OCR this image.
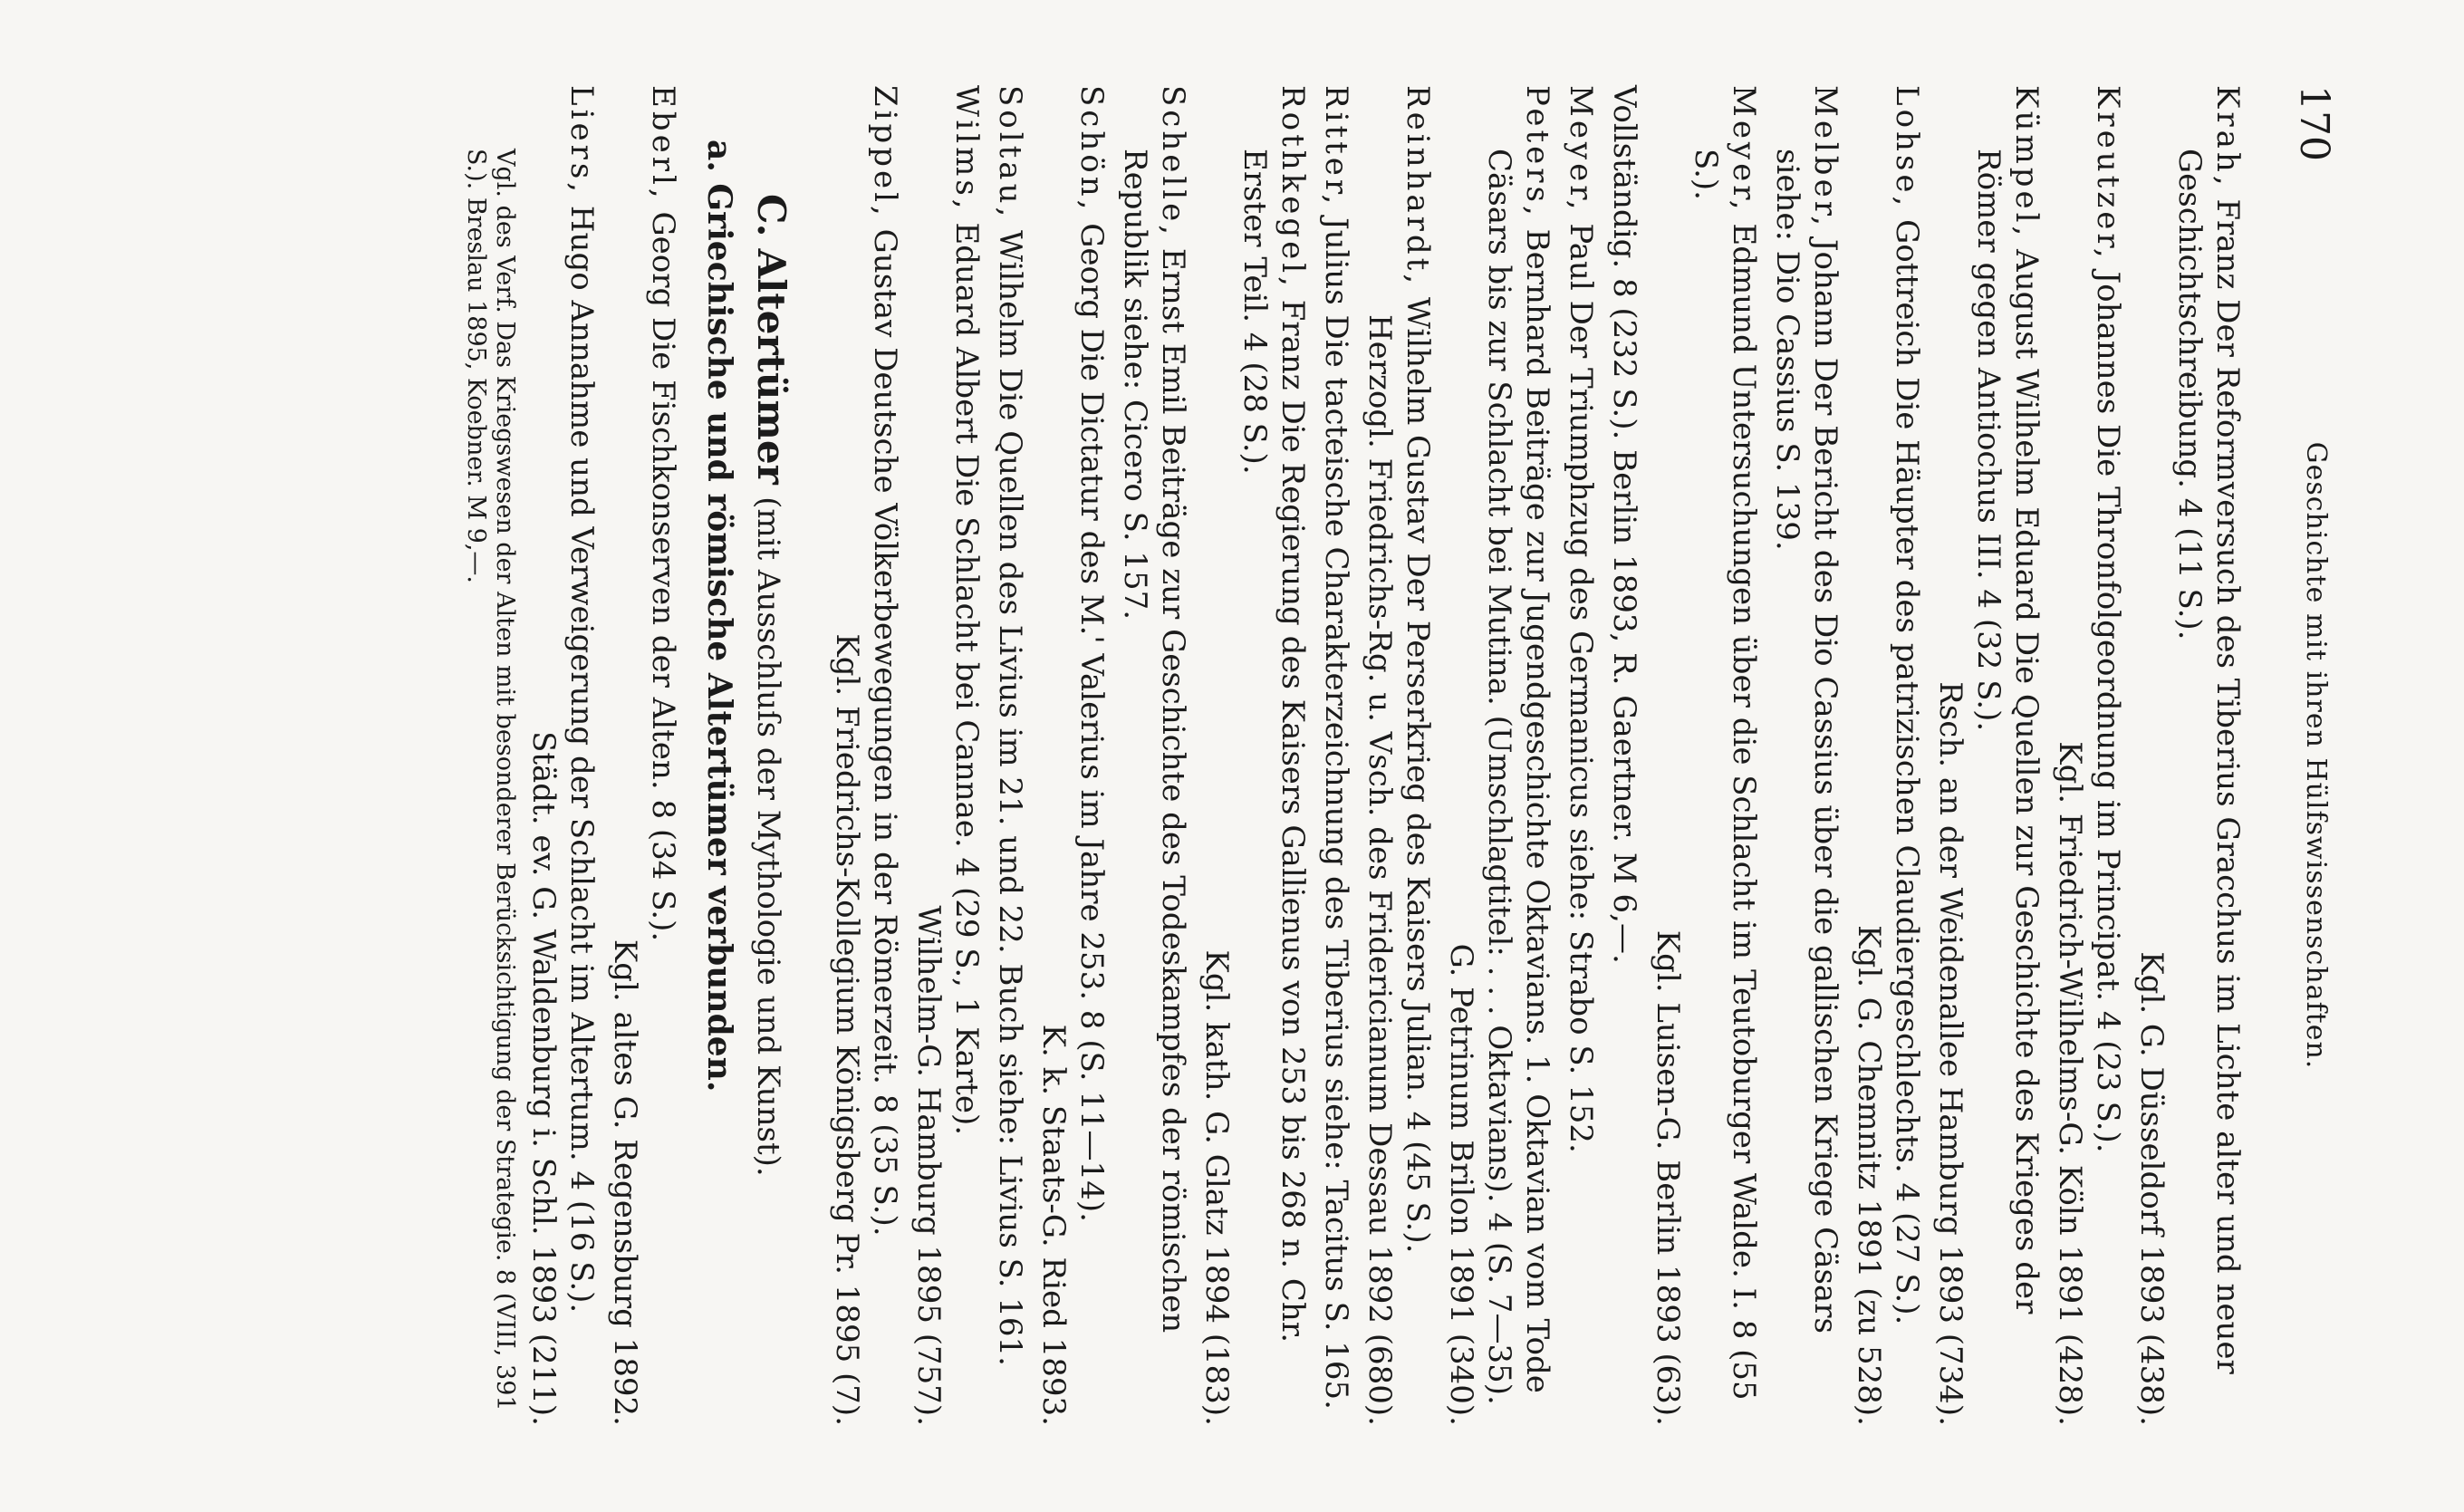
170
Geschichte mit ihren Hülfswissenschaften.
Krah, Franz Der Reformversuch des Tiberius Gracchus im Lichte alter und neuer Geschichtschreibung. 4 (11 S.).
Kgl. G. Düsseldorf 1893 (438).
Kreutzer, Johannes Die Thronfolgeordnung im Principat. 4 (23 S.).
Kgl. Friedrich-Wilhelms-G. Köln 1891 (428).
Kümpel, August Wilhelm Eduard Die Quellen zur Geschichte des Krieges der Römer gegen Antiochus III. 4 (32 S.).
Rsch. an der Weidenallee Hamburg 1893 (734).
Lohse, Gottreich Die Häupter des patrizischen Claudiergeschlechts. 4 (27 S.).
Kgl. G. Chemnitz 1891 (zu 528).
Melber, Johann Der Bericht des Dio Cassius über die gallischen Kriege Cäsars siehe: Dio Cassius S. 139.
Meyer, Edmund Untersuchungen über die Schlacht im Teutoburger Walde. I. 8 (55 S.).
Kgl. Luisen-G. Berlin 1893 (63).
Vollständig. 8 (232 S.). Berlin 1893, R. Gaertner. M 6,—.
Meyer, Paul Der Triumphzug des Germanicus siehe: Strabo S. 152.
Peters, Bernhard Beiträge zur Jugendgeschichte Oktavians. 1. Oktavian vom Tode Cäsars bis zur Schlacht bei Mutina. (Umschlagtitel: . . . Oktavians). 4 (S. 7—35).
G. Petrinum Brilon 1891 (340).
Reinhardt, Wilhelm Gustav Der Perserkrieg des Kaisers Julian. 4 (45 S.).
Herzogl. Friedrichs-Rg. u. Vsch. des Fridericianum Dessau 1892 (680).
Ritter, Julius Die tacteische Charakterzeichnung des Tiberius siehe: Tacitus S. 165.
Rothkegel, Franz Die Regierung des Kaisers Gallienus von 253 bis 268 n. Chr. Erster Teil. 4 (28 S.).
Kgl. kath. G. Glatz 1894 (183).
Schelle, Ernst Emil Beiträge zur Geschichte des Todeskampfes der römischen Republik siehe: Cicero S. 157.
Schön, Georg Die Dictatur des M.' Valerius im Jahre 253. 8 (S. 11—14).
K. k. Staats-G. Ried 1893.
Soltau, Wilhelm Die Quellen des Livius im 21. und 22. Buch siehe: Livius S. 161.
Wilms, Eduard Albert Die Schlacht bei Cannae. 4 (29 S., 1 Karte).
Wilhelm-G. Hamburg 1895 (757).
Zippel, Gustav Deutsche Völkerbewegungen in der Römerzeit. 8 (35 S.).
Kgl. Friedrichs-Kollegium Königsberg Pr. 1895 (7).
C. Altertümer (mit Ausschluſs der Mythologie und Kunst).
a. Griechische und römische Altertümer verbunden.
Eberl, Georg Die Fischkonserven der Alten. 8 (34 S.).
Kgl. altes G. Regensburg 1892.
Liers, Hugo Annahme und Verweigerung der Schlacht im Altertum. 4 (16 S.).
Städt. ev. G. Waldenburg i. Schl. 1893 (211).
Vgl. des Verf. Das Kriegswesen der Alten mit besonderer Berücksichtigung der Strategie. 8 (VIII, 391 S.). Breslau 1895, Koebner. M 9,—.
